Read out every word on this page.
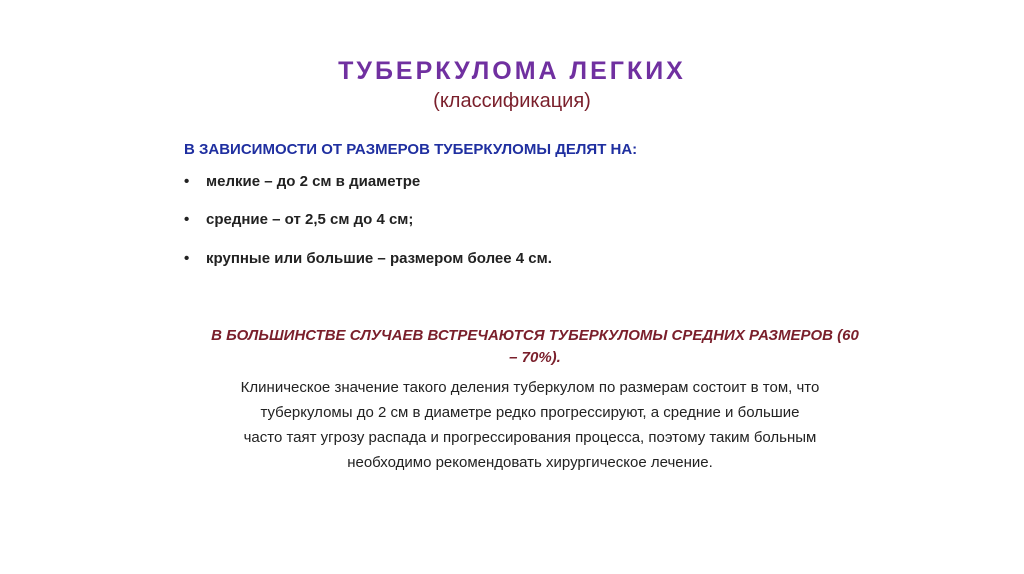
ТУБЕРКУЛОМА ЛЕГКИХ
(классификация)
В ЗАВИСИМОСТИ ОТ РАЗМЕРОВ ТУБЕРКУЛОМЫ ДЕЛЯТ НА:
• мелкие – до 2 см в диаметре
• средние – от 2,5 см до 4 см;
• крупные или большие – размером более 4 см.
В БОЛЬШИНСТВЕ СЛУЧАЕВ ВСТРЕЧАЮТСЯ ТУБЕРКУЛОМЫ СРЕДНИХ РАЗМЕРОВ (60
– 70%).
Клиническое значение такого деления туберкулом по размерам состоит в том, что
туберкуломы до 2 см в диаметре редко прогрессируют, а средние и большие
часто таят угрозу распада и прогрессирования процесса, поэтому таким больным
необходимо рекомендовать хирургическое лечение.
